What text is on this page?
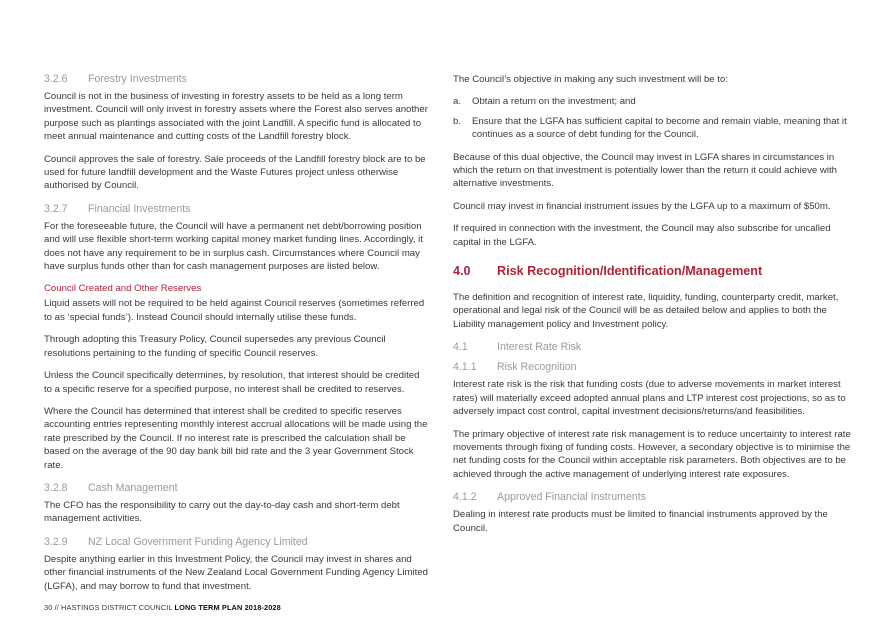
3.2.6	Forestry Investments

Council is not in the business of investing in forestry assets to be held as a long term investment. Council will only invest in forestry assets where the Forest also serves another purpose such as plantings associated with the joint Landfill. A specific fund is allocated to meet annual maintenance and cutting costs of the Landfill forestry block.

Council approves the sale of forestry. Sale proceeds of the Landfill forestry block are to be used for future landfill development and the Waste Futures project unless otherwise authorised by Council.

3.2.7	Financial Investments

For the foreseeable future, the Council will have a permanent net debt/borrowing position and will use flexible short-term working capital money market funding lines. Accordingly, it does not have any requirement to be in surplus cash. Circumstances where Council may have surplus funds other than for cash management purposes are listed below.

Council Created and Other Reserves

Liquid assets will not be required to be held against Council reserves (sometimes referred to as ‘special funds’). Instead Council should internally utilise these funds.

Through adopting this Treasury Policy, Council supersedes any previous Council resolutions pertaining to the funding of specific Council reserves.

Unless the Council specifically determines, by resolution, that interest should be credited to a specific reserve for a specified purpose, no interest shall be credited to reserves.

Where the Council has determined that interest shall be credited to specific reserves accounting entries representing monthly interest accrual allocations will be made using the rate prescribed by the Council. If no interest rate is prescribed the calculation shall be based on the average of the 90 day bank bill bid rate and the 3 year Government Stock rate.

3.2.8	Cash Management

The CFO has the responsibility to carry out the day-to-day cash and short-term debt management activities.

3.2.9	NZ Local Government Funding Agency Limited

Despite anything earlier in this Investment Policy, the Council may invest in shares and other financial instruments of the New Zealand Local Government Funding Agency Limited (LGFA), and may borrow to fund that investment.

The Council’s objective in making any such investment will be to:

a.	Obtain a return on the investment; and
b.	Ensure that the LGFA has sufficient capital to become and remain viable, meaning that it continues as a source of debt funding for the Council.

Because of this dual objective, the Council may invest in LGFA shares in circumstances in which the return on that investment is potentially lower than the return it could achieve with alternative investments.

Council may invest in financial instrument issues by the LGFA up to a maximum of $50m.

If required in connection with the investment, the Council may also subscribe for uncalled capital in the LGFA.

4.0	Risk Recognition/Identification/Management

The definition and recognition of interest rate, liquidity, funding, counterparty credit, market, operational and legal risk of the Council will be as detailed below and applies to both the Liability management policy and Investment policy.

4.1	Interest Rate Risk
4.1.1	Risk Recognition

Interest rate risk is the risk that funding costs (due to adverse movements in market interest rates) will materially exceed adopted annual plans and LTP interest cost projections, so as to adversely impact cost control, capital investment decisions/returns/and feasibilities.

The primary objective of interest rate risk management is to reduce uncertainty to interest rate movements through fixing of funding costs. However, a secondary objective is to minimise the net funding costs for the Council within acceptable risk parameters. Both objectives are to be achieved through the active management of underlying interest rate exposures.

4.1.2	Approved Financial Instruments

Dealing in interest rate products must be limited to financial instruments approved by the Council.

30 // HASTINGS DISTRICT COUNCIL LONG TERM PLAN 2018-2028
